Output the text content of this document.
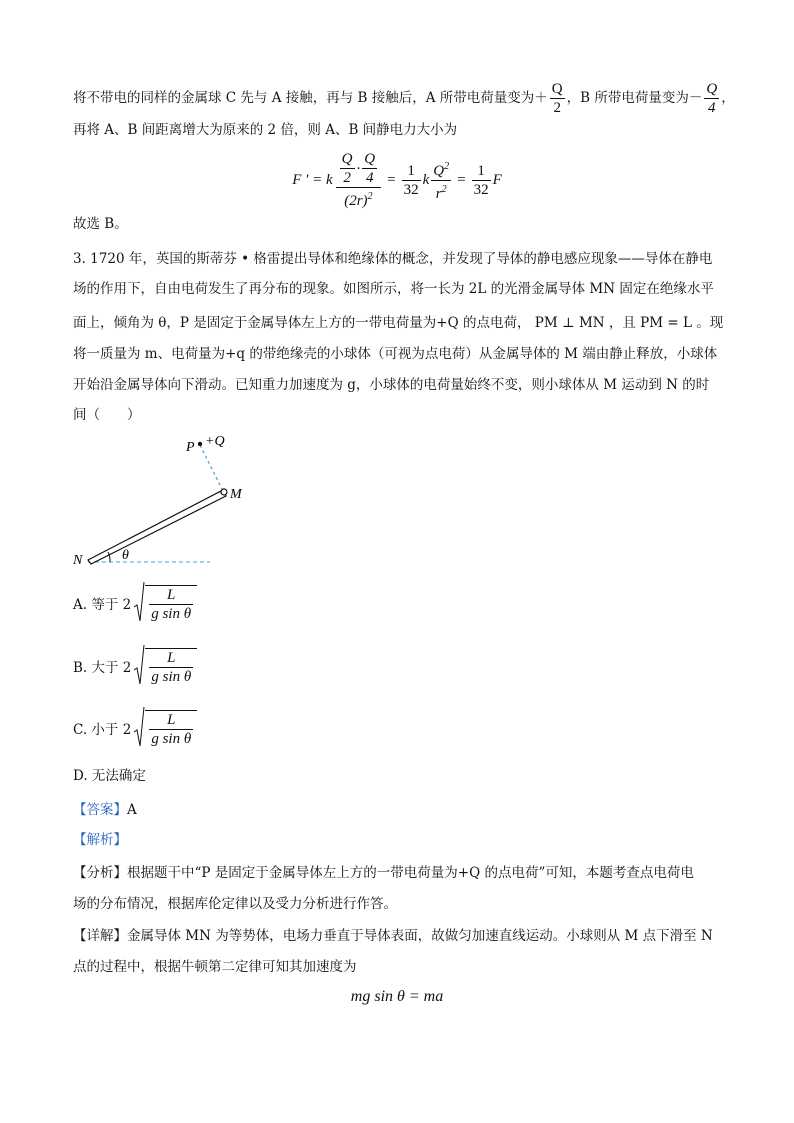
将不带电的同样的金属球 C 先与 A 接触，再与 B 接触后，A 所带电荷量变为＋ $\frac{Q}{2}$ ，B 所带电荷量变为－ $\frac{Q}{4}$ ，
再将 A、B 间距离增大为原来的 2 倍，则 A、B 间静电力大小为
F ' = k $\frac{\frac{Q}{2} \cdot \frac{Q}{4}}{(2r)^2} = \frac{1}{32}$ k $\frac{Q^2}{r^2} = \frac{1}{32}$ F
故选 B。
3. 1720 年，英国的斯蒂芬 • 格雷提出导体和绝缘体的概念，并发现了导体的静电感应现象——导体在静电
场的作用下，自由电荷发生了再分布的现象。如图所示，将一长为 2L 的光滑金属导体 MN 固定在绝缘水平
面上，倾角为 θ，P 是固定于金属导体左上方的一带电荷量为+Q 的点电荷， PM ⊥ MN ，且 PM = L 。现
将一质量为 m、电荷量为+q 的带绝缘壳的小球体（可视为点电荷）从金属导体的 M 端由静止释放，小球体
开始沿金属导体向下滑动。已知重力加速度为 g，小球体的电荷量始终不变，则小球体从 M 运动到 N 的时
间（　　）
P +Q
M
N	θ
A. 等于 $2 \frac{L}{\text{g sin θ}}$
B. 大于 $2 \frac{L}{\text{g sin θ}}$
C. 小于 $2 \frac{L}{\text{g sin θ}}$
D. 无法确定
【答案】A
【解析】
【分析】根据题干中“P 是固定于金属导体左上方的一带电荷量为+Q 的点电荷”可知，本题考查点电荷电
场的分布情况，根据库伦定律以及受力分析进行作答。
【详解】金属导体 MN 为等势体，电场力垂直于导体表面，故做匀加速直线运动。小球则从 M 点下滑至 N
点的过程中，根据牛顿第二定律可知其加速度为
mg sin θ = ma
